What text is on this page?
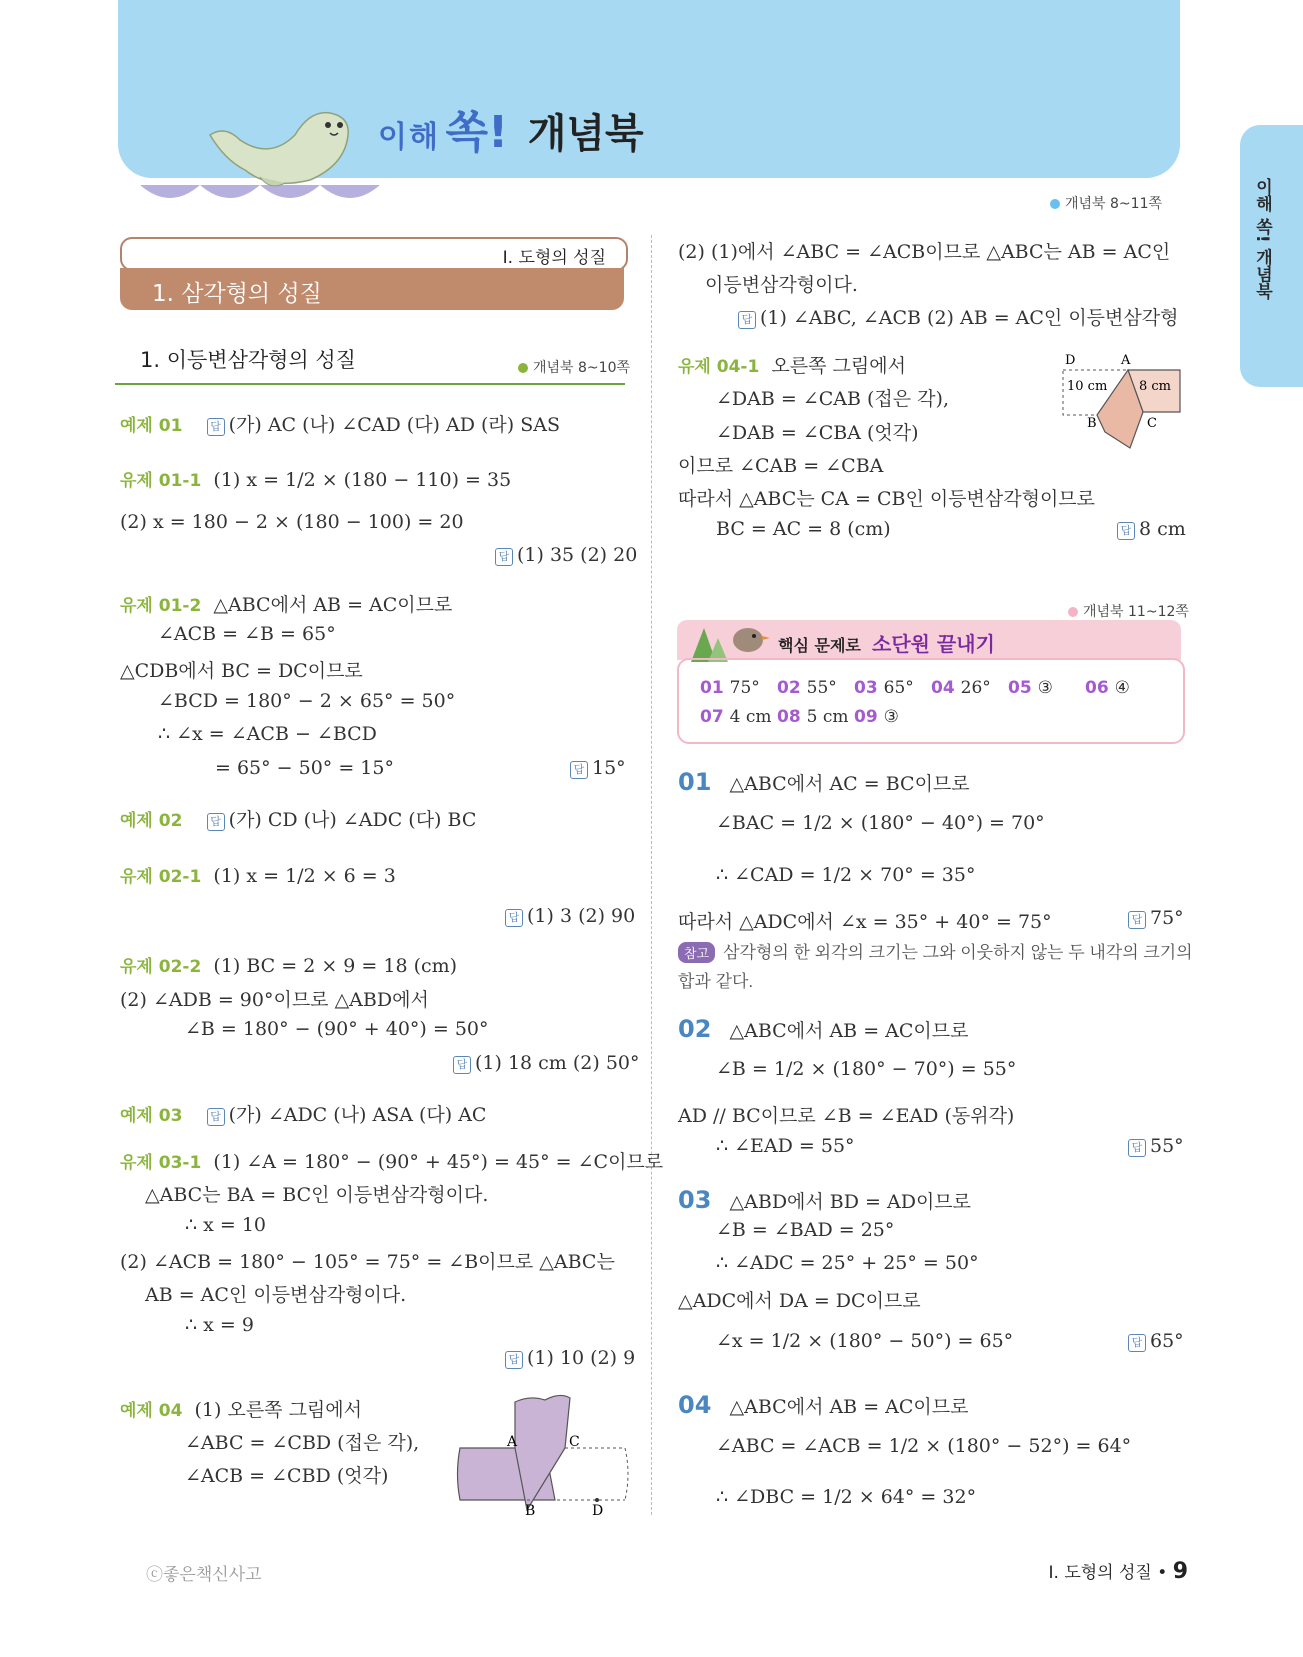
이해 쏙! 개념북
이해 쏙! 개념북
개념북 8~11쪽
Ⅰ. 도형의 성질
1. 삼각형의 성질
1. 이등변삼각형의 성질	개념북 8~10쪽
예제 01	답 (가) AC (나) ∠CAD (다) AD (라) SAS
유제 01-1 (1) x = 1/2 × (180 − 110) = 35
(2) x = 180 − 2 × (180 − 100) = 20
답 (1) 35 (2) 20
유제 01-2 △ABC에서 AB = AC이므로
∠ACB = ∠B = 65°
△CDB에서 BC = DC이므로
∠BCD = 180° − 2 × 65° = 50°
∴ ∠x = ∠ACB − ∠BCD
= 65° − 50° = 15°	답 15°
예제 02	답 (가) CD (나) ∠ADC (다) BC
유제 02-1 (1) x = 1/2 × 6 = 3
답 (1) 3 (2) 90
유제 02-2 (1) BC = 2 × 9 = 18 (cm)
(2) ∠ADB = 90°이므로 △ABD에서
∠B = 180° − (90° + 40°) = 50°
답 (1) 18 cm (2) 50°
예제 03	답 (가) ∠ADC (나) ASA (다) AC
유제 03-1 (1) ∠A = 180° − (90° + 45°) = 45° = ∠C이므로
△ABC는 BA = BC인 이등변삼각형이다.
∴ x = 10
(2) ∠ACB = 180° − 105° = 75° = ∠B이므로 △ABC는
AB = AC인 이등변삼각형이다.
∴ x = 9
답 (1) 10 (2) 9
예제 04 (1) 오른쪽 그림에서
∠ABC = ∠CBD (접은 각),
∠ACB = ∠CBD (엇각)
A	C
B	D
(2) (1)에서 ∠ABC = ∠ACB이므로 △ABC는 AB = AC인
이등변삼각형이다.
답 (1) ∠ABC, ∠ACB (2) AB = AC인 이등변삼각형
유제 04-1 오른쪽 그림에서
∠DAB = ∠CAB (접은 각),
∠DAB = ∠CBA (엇각)
이므로 ∠CAB = ∠CBA
따라서 △ABC는 CA = CB인 이등변삼각형이므로
BC = AC = 8 (cm)	답 8 cm
D	A
B	C
10 cm 8 cm
개념북 11~12쪽
핵심 문제로 소단원 끝내기
01 75° 02 55° 03 65° 04 26° 05 ③ 06 ④
07 4 cm 08 5 cm 09 ③
01 △ABC에서 AC = BC이므로
∠BAC = 1/2 × (180° − 40°) = 70°
∴ ∠CAD = 1/2 × 70° = 35°
따라서 △ADC에서 ∠x = 35° + 40° = 75°	답 75°
참고 삼각형의 한 외각의 크기는 그와 이웃하지 않는 두 내각의 크기의
합과 같다.
02 △ABC에서 AB = AC이므로
∠B = 1/2 × (180° − 70°) = 55°
AD // BC이므로 ∠B = ∠EAD (동위각)
∴ ∠EAD = 55°	답 55°
03 △ABD에서 BD = AD이므로
∠B = ∠BAD = 25°
∴ ∠ADC = 25° + 25° = 50°
△ADC에서 DA = DC이므로
∠x = 1/2 × (180° − 50°) = 65°	답 65°
04 △ABC에서 AB = AC이므로
∠ABC = ∠ACB = 1/2 × (180° − 52°) = 64°
∴ ∠DBC = 1/2 × 64° = 32°
ⓒ좋은책신사고	Ⅰ. 도형의 성질 • 9
